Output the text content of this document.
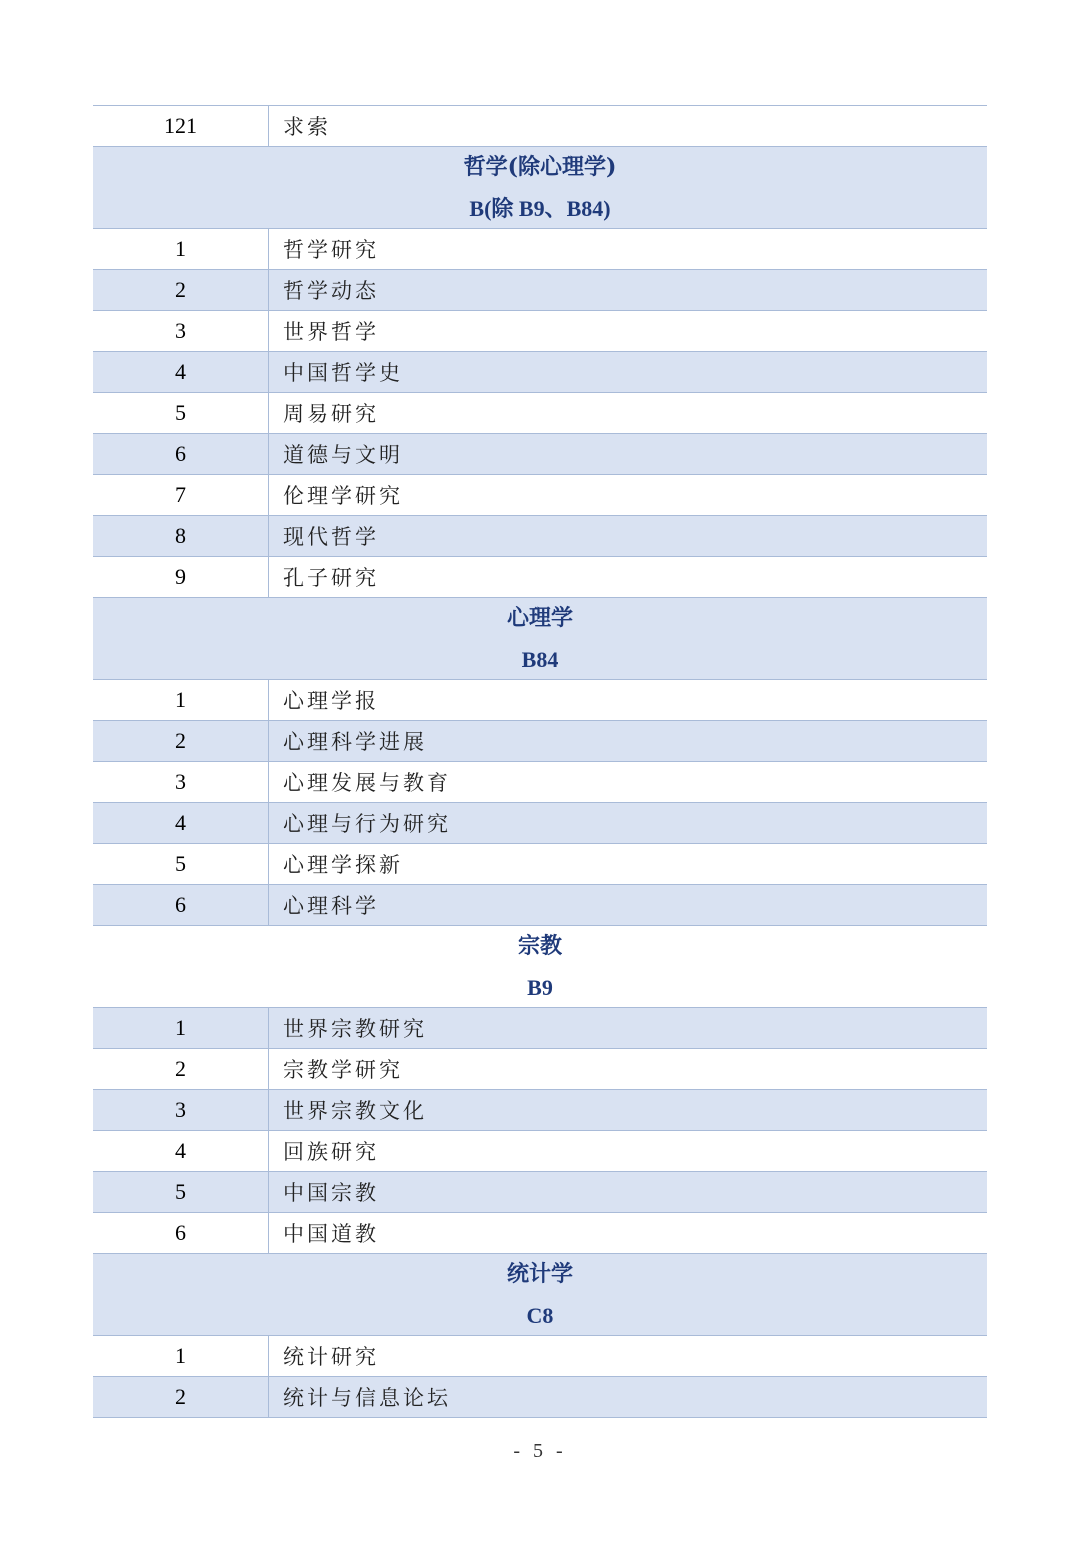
121	求索
哲学(除心理学)
B(除 B9、B84)
1	哲学研究
2	哲学动态
3	世界哲学
4	中国哲学史
5	周易研究
6	道德与文明
7	伦理学研究
8	现代哲学
9	孔子研究
心理学
B84
1	心理学报
2	心理科学进展
3	心理发展与教育
4	心理与行为研究
5	心理学探新
6	心理科学
宗教
B9
1	世界宗教研究
2	宗教学研究
3	世界宗教文化
4	回族研究
5	中国宗教
6	中国道教
统计学
C8
1	统计研究
2	统计与信息论坛
- 5 -
